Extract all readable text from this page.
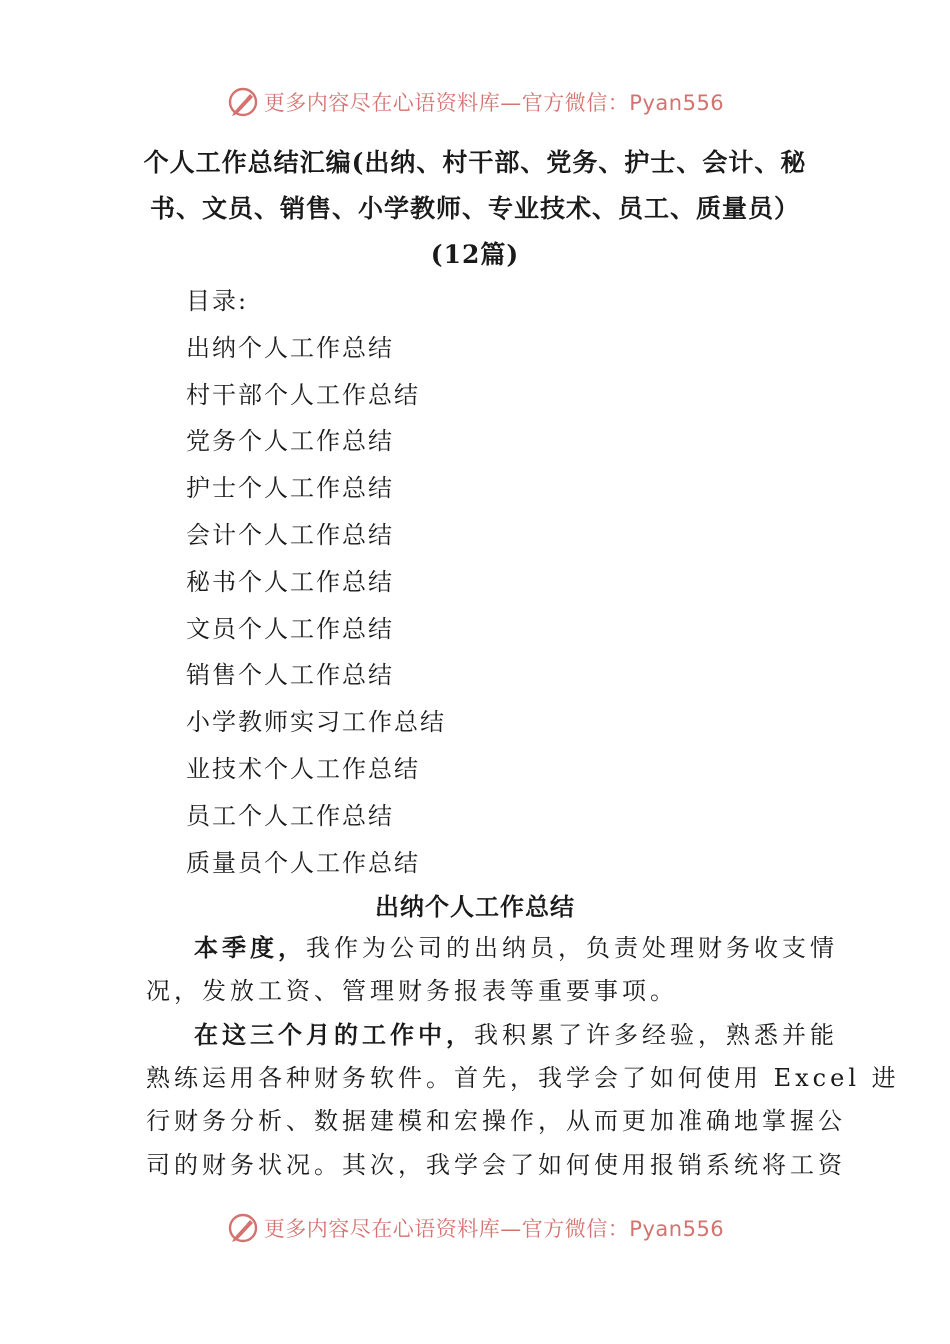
更多内容尽在心语资料库—官方微信：Pyan556
个人工作总结汇编(出纳、村干部、党务、护士、会计、秘
书、文员、销售、小学教师、专业技术、员工、质量员）
(12篇)
目录:
出纳个人工作总结
村干部个人工作总结
党务个人工作总结
护士个人工作总结
会计个人工作总结
秘书个人工作总结
文员个人工作总结
销售个人工作总结
小学教师实习工作总结
业技术个人工作总结
员工个人工作总结
质量员个人工作总结
出纳个人工作总结
本季度，我作为公司的出纳员，负责处理财务收支情
况，发放工资、管理财务报表等重要事项。
在这三个月的工作中，我积累了许多经验，熟悉并能
熟练运用各种财务软件。首先，我学会了如何使用 Excel 进
行财务分析、数据建模和宏操作，从而更加准确地掌握公
司的财务状况。其次，我学会了如何使用报销系统将工资
更多内容尽在心语资料库—官方微信：Pyan556
